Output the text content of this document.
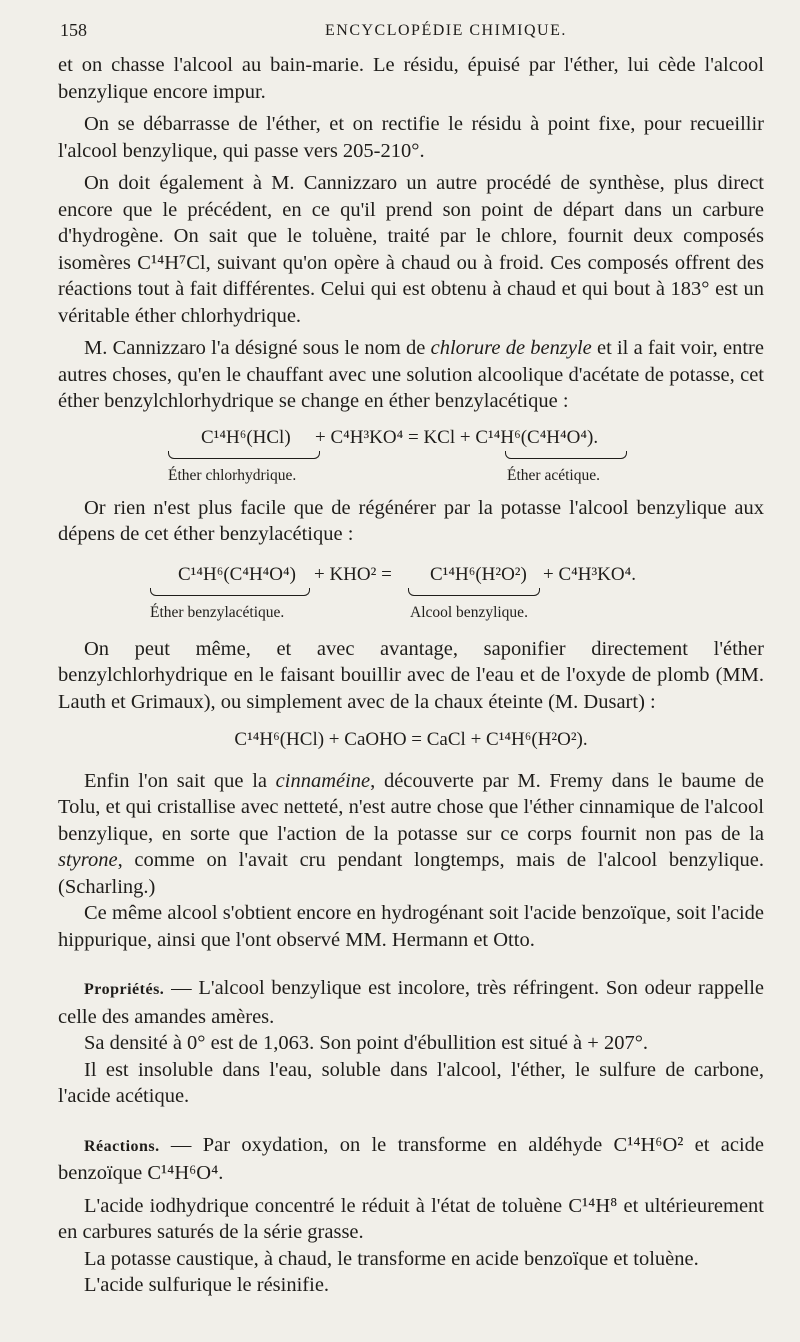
158	ENCYCLOPÉDIE CHIMIQUE.

et on chasse l'alcool au bain-marie. Le résidu, épuisé par l'éther, lui cède l'alcool benzylique encore impur.

On se débarrasse de l'éther, et on rectifie le résidu à point fixe, pour recueillir l'alcool benzylique, qui passe vers 205-210°.

On doit également à M. Cannizzaro un autre procédé de synthèse, plus direct encore que le précédent, en ce qu'il prend son point de départ dans un carbure d'hydrogène. On sait que le toluène, traité par le chlore, fournit deux composés isomères C¹⁴H⁷Cl, suivant qu'on opère à chaud ou à froid. Ces composés offrent des réactions tout à fait différentes. Celui qui est obtenu à chaud et qui bout à 183° est un véritable éther chlorhydrique.

M. Cannizzaro l'a désigné sous le nom de chlorure de benzyle et il a fait voir, entre autres choses, qu'en le chauffant avec une solution alcoolique d'acétate de potasse, cet éther benzylchlorhydrique se change en éther benzylacétique :

C¹⁴H⁶(HCl) + C⁴H³KO⁴ = KCl + C¹⁴H⁶(C⁴H⁴O⁴).
Éther chlorhydrique.	Éther acétique.

Or rien n'est plus facile que de régénérer par la potasse l'alcool benzylique aux dépens de cet éther benzylacétique :

C¹⁴H⁶(C⁴H⁴O⁴) + KHO² = C¹⁴H⁶(H²O²) + C⁴H³KO⁴.
Éther benzylacétique.	Alcool benzylique.

On peut même, et avec avantage, saponifier directement l'éther benzylchlorhydrique en le faisant bouillir avec de l'eau et de l'oxyde de plomb (MM. Lauth et Grimaux), ou simplement avec de la chaux éteinte (M. Dusart) :

C¹⁴H⁶(HCl) + CaOHO = CaCl + C¹⁴H⁶(H²O²).

Enfin l'on sait que la cinnaméine, découverte par M. Fremy dans le baume de Tolu, et qui cristallise avec netteté, n'est autre chose que l'éther cinnamique de l'alcool benzylique, en sorte que l'action de la potasse sur ce corps fournit non pas de la styrone, comme on l'avait cru pendant longtemps, mais de l'alcool benzylique. (Scharling.)

Ce même alcool s'obtient encore en hydrogénant soit l'acide benzoïque, soit l'acide hippurique, ainsi que l'ont observé MM. Hermann et Otto.

Propriétés. — L'alcool benzylique est incolore, très réfringent. Son odeur rappelle celle des amandes amères.

Sa densité à 0° est de 1,063. Son point d'ébullition est situé à + 207°.

Il est insoluble dans l'eau, soluble dans l'alcool, l'éther, le sulfure de carbone, l'acide acétique.

Réactions. — Par oxydation, on le transforme en aldéhyde C¹⁴H⁶O² et acide benzoïque C¹⁴H⁶O⁴.

L'acide iodhydrique concentré le réduit à l'état de toluène C¹⁴H⁸ et ultérieurement en carbures saturés de la série grasse.

La potasse caustique, à chaud, le transforme en acide benzoïque et toluène.

L'acide sulfurique le résinifie.
